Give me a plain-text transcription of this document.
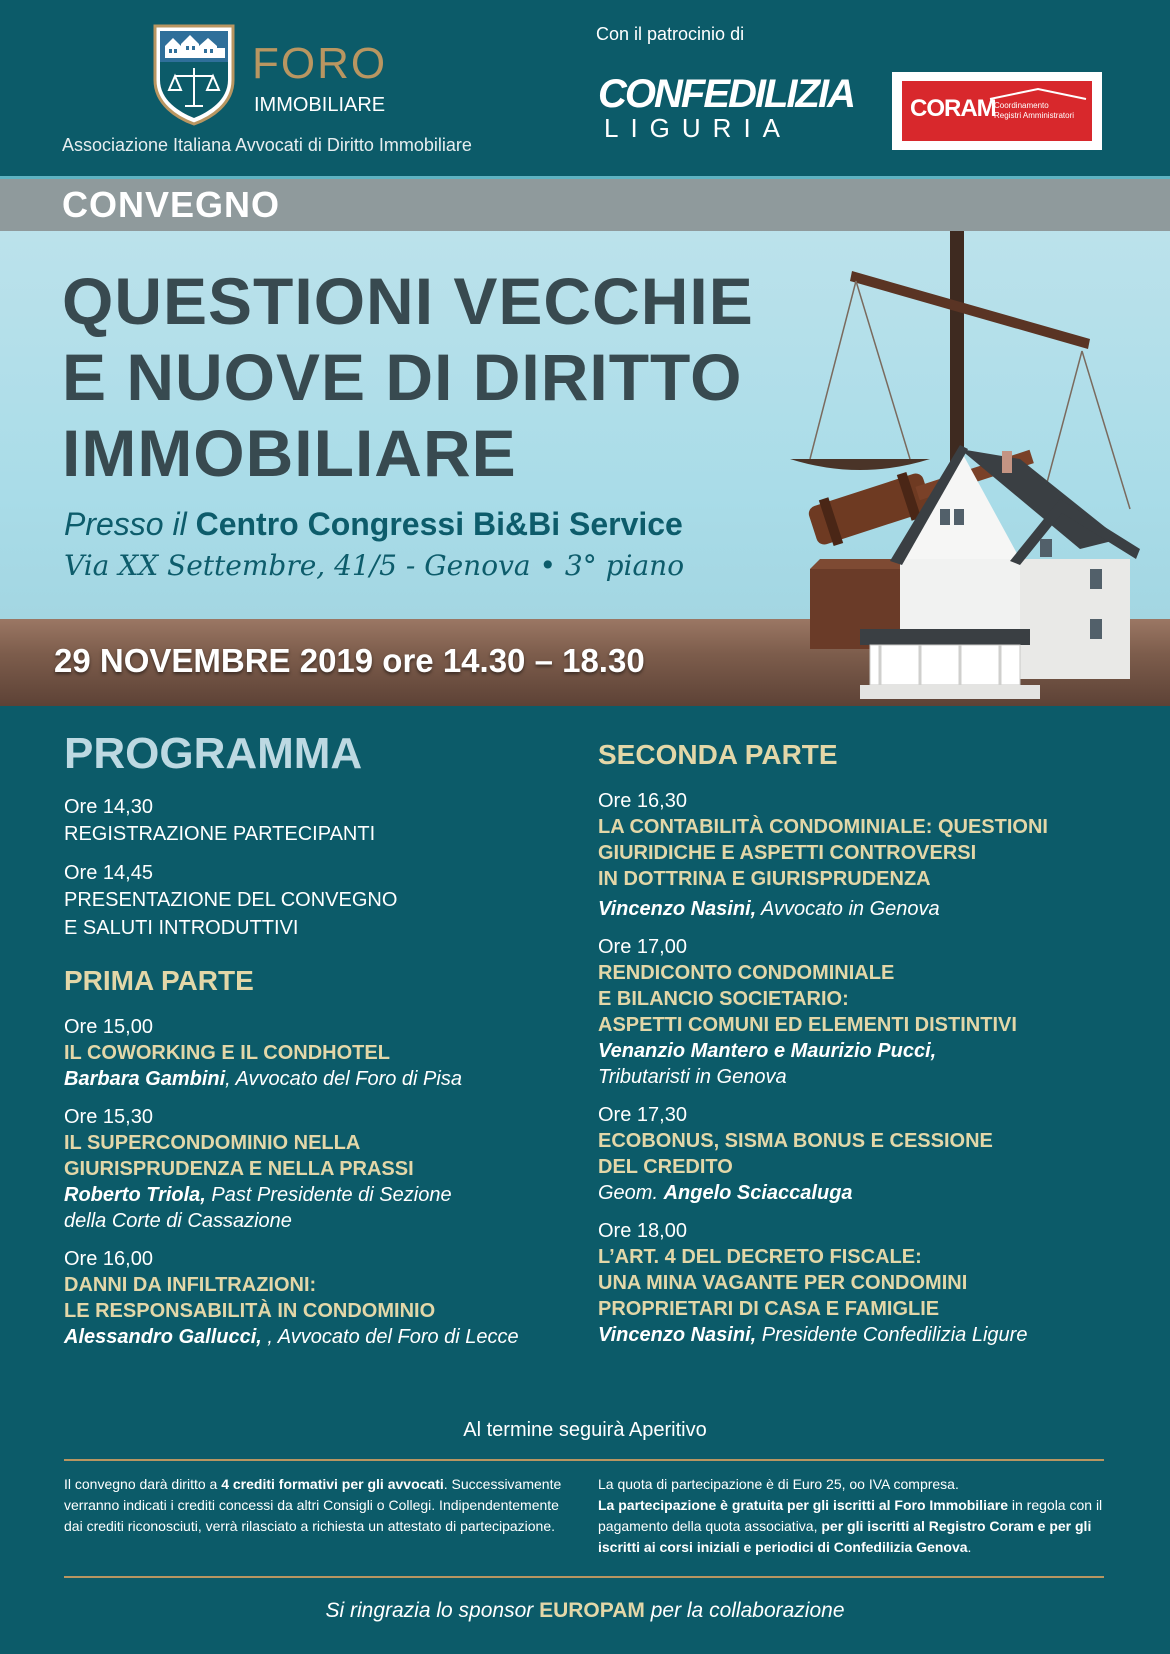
FORO
IMMOBILIARE
Associazione Italiana Avvocati di Diritto Immobiliare
Con il patrocinio di
CONFEDILIZIA
LIGURIA
CORAM
Coordinamento
Registri Amministratori
CONVEGNO
QUESTIONI VECCHIE
E NUOVE DI DIRITTO
IMMOBILIARE
Presso il Centro Congressi Bi&Bi Service
Via XX Settembre, 41/5 - Genova • 3° piano
29 NOVEMBRE 2019 ore 14.30 – 18.30
PROGRAMMA
Ore 14,30
REGISTRAZIONE PARTECIPANTI
Ore 14,45
PRESENTAZIONE DEL CONVEGNO
E SALUTI INTRODUTTIVI
PRIMA PARTE
Ore 15,00
IL COWORKING E IL CONDHOTEL
Barbara Gambini, Avvocato del Foro di Pisa
Ore 15,30
IL SUPERCONDOMINIO NELLA
GIURISPRUDENZA E NELLA PRASSI
Roberto Triola, Past Presidente di Sezione
della Corte di Cassazione
Ore 16,00
DANNI DA INFILTRAZIONI:
LE RESPONSABILITÀ IN CONDOMINIO
Alessandro Gallucci, , Avvocato del Foro di Lecce
SECONDA PARTE
Ore 16,30
LA CONTABILITÀ CONDOMINIALE: QUESTIONI
GIURIDICHE E ASPETTI CONTROVERSI
IN DOTTRINA E GIURISPRUDENZA
Vincenzo Nasini, Avvocato in Genova
Ore 17,00
RENDICONTO CONDOMINIALE
E BILANCIO SOCIETARIO:
ASPETTI COMUNI ED ELEMENTI DISTINTIVI
Venanzio Mantero e Maurizio Pucci,
Tributaristi in Genova
Ore 17,30
ECOBONUS, SISMA BONUS E CESSIONE
DEL CREDITO
Geom. Angelo Sciaccaluga
Ore 18,00
L’ART. 4 DEL DECRETO FISCALE:
UNA MINA VAGANTE PER CONDOMINI
PROPRIETARI DI CASA E FAMIGLIE
Vincenzo Nasini, Presidente Confedilizia Ligure
Al termine seguirà Aperitivo
Il convegno darà diritto a 4 crediti formativi per gli avvocati. Successivamente verranno indicati i crediti concessi da altri Consigli o Collegi. Indipendentemente dai crediti riconosciuti, verrà rilasciato a richiesta un attestato di partecipazione.
La quota di partecipazione è di Euro 25, oo IVA compresa.
La partecipazione è gratuita per gli iscritti al Foro Immobiliare in regola con il pagamento della quota associativa, per gli iscritti al Registro Coram e per gli iscritti ai corsi iniziali e periodici di Confedilizia Genova.
Si ringrazia lo sponsor EUROPAM per la collaborazione
